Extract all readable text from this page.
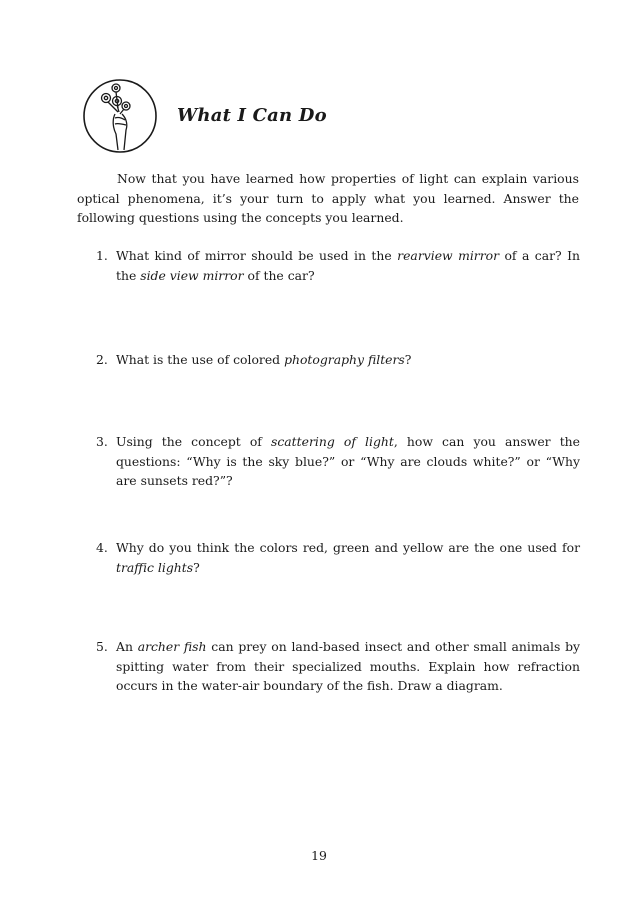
What I Can Do
Now that you have learned how properties of light can explain various optical phenomena, it’s your turn to apply what you learned. Answer the following questions using the concepts you learned.
1. What kind of mirror should be used in the rearview mirror of a car? In the side view mirror of the car?
2. What is the use of colored photography filters?
3. Using the concept of scattering of light, how can you answer the questions: “Why is the sky blue?” or “Why are clouds white?” or “Why are sunsets red?”?
4. Why do you think the colors red, green and yellow are the one used for traffic lights?
5. An archer fish can prey on land-based insect and other small animals by spitting water from their specialized mouths. Explain how refraction occurs in the water-air boundary of the fish. Draw a diagram.
19
